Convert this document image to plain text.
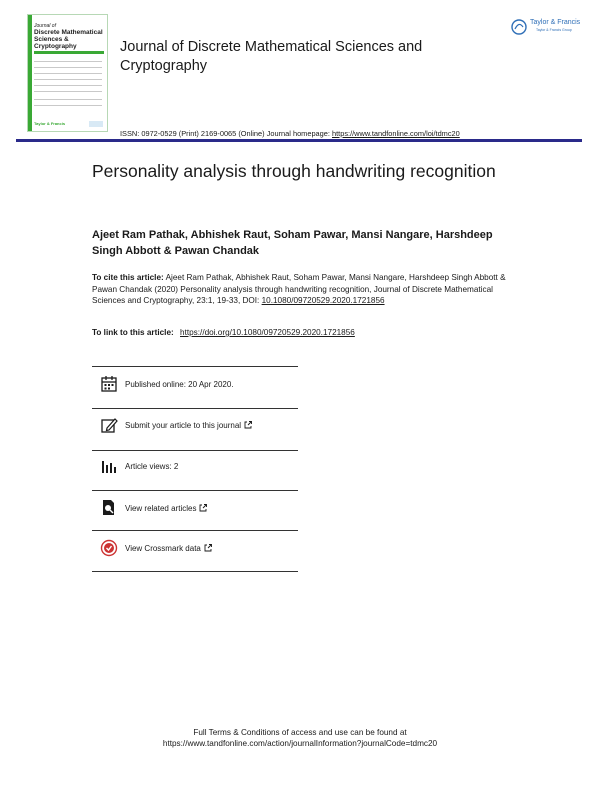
Journal of
Discrete Mathematical Sciences & Cryptography
Taylor & Francis
Journal of Discrete Mathematical Sciences and Cryptography
Taylor & Francis
Taylor & Francis Group
ISSN: 0972-0529 (Print) 2169-0065 (Online) Journal homepage: https://www.tandfonline.com/loi/tdmc20
Personality analysis through handwriting recognition
Ajeet Ram Pathak, Abhishek Raut, Soham Pawar, Mansi Nangare, Harshdeep Singh Abbott & Pawan Chandak
To cite this article: Ajeet Ram Pathak, Abhishek Raut, Soham Pawar, Mansi Nangare, Harshdeep Singh Abbott & Pawan Chandak (2020) Personality analysis through handwriting recognition, Journal of Discrete Mathematical Sciences and Cryptography, 23:1, 19-33, DOI: 10.1080/09720529.2020.1721856
To link to this article: https://doi.org/10.1080/09720529.2020.1721856
Published online: 20 Apr 2020.
Submit your article to this journal
Article views: 2
View related articles
View Crossmark data
Full Terms & Conditions of access and use can be found at
https://www.tandfonline.com/action/journalInformation?journalCode=tdmc20
